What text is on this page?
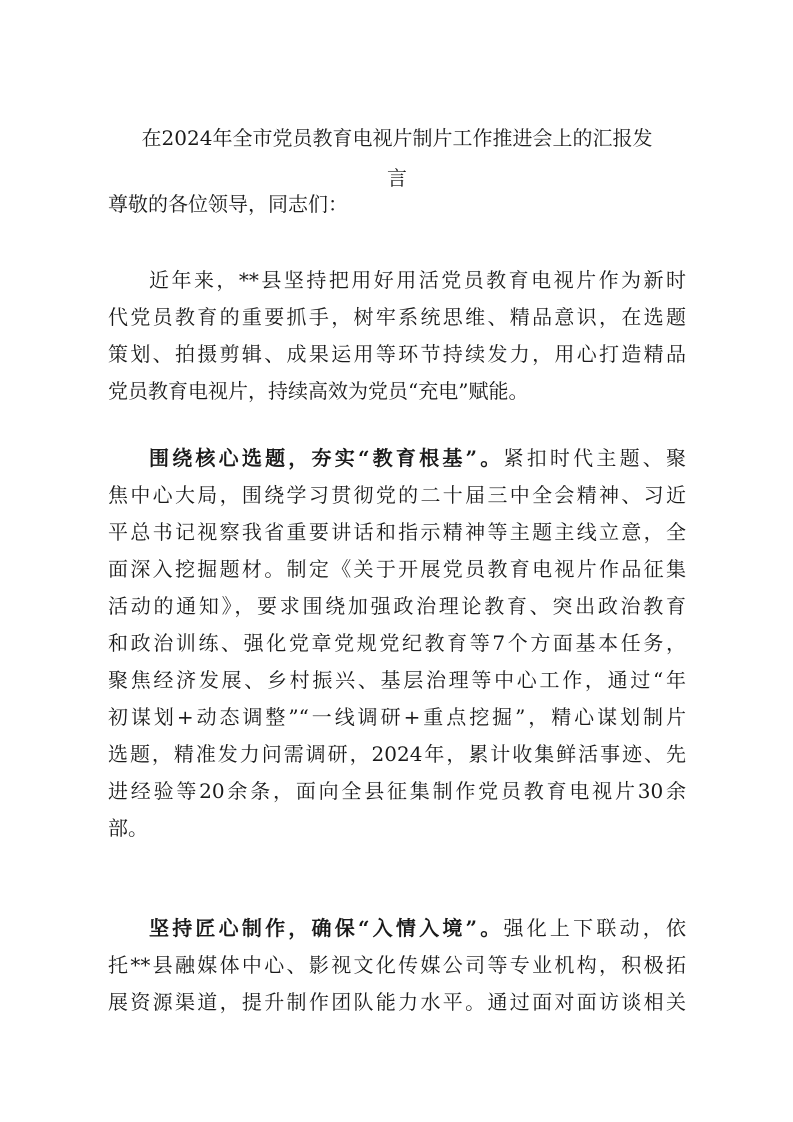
在2024年全市党员教育电视片制片工作推进会上的汇报发
言

尊敬的各位领导，同志们：

近年来，**县坚持把用好用活党员教育电视片作为新时
代党员教育的重要抓手，树牢系统思维、精品意识，在选题
策划、拍摄剪辑、成果运用等环节持续发力，用心打造精品
党员教育电视片，持续高效为党员“充电”赋能。
围绕核心选题，夯实“教育根基”。紧扣时代主题、聚
焦中心大局，围绕学习贯彻党的二十届三中全会精神、习近
平总书记视察我省重要讲话和指示精神等主题主线立意，全
面深入挖掘题材。制定《关于开展党员教育电视片作品征集
活动的通知》，要求围绕加强政治理论教育、突出政治教育
和政治训练、强化党章党规党纪教育等7个方面基本任务，
聚焦经济发展、乡村振兴、基层治理等中心工作，通过“年
初谋划+动态调整”“一线调研+重点挖掘”，精心谋划制片
选题，精准发力问需调研，2024年，累计收集鲜活事迹、先
进经验等20余条，面向全县征集制作党员教育电视片30余
部。
坚持匠心制作，确保“入情入境”。强化上下联动，依
托**县融媒体中心、影视文化传媒公司等专业机构，积极拓
展资源渠道，提升制作团队能力水平。通过面对面访谈相关
